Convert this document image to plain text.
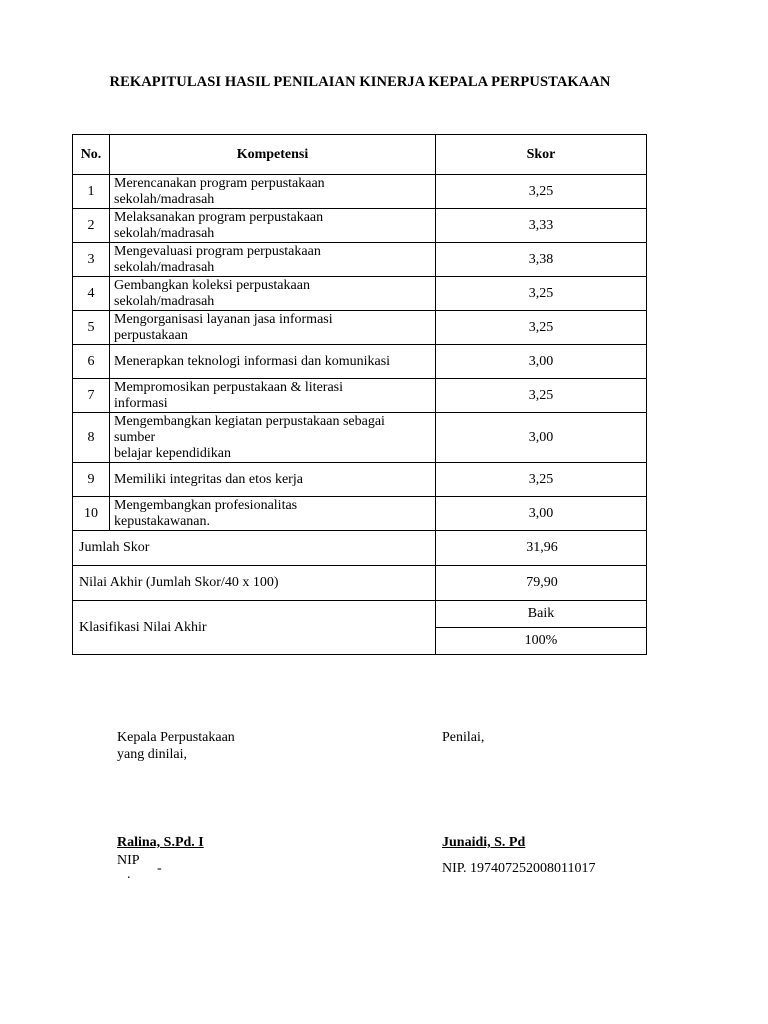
REKAPITULASI HASIL PENILAIAN KINERJA KEPALA PERPUSTAKAAN
No.	Kompetensi	Skor
1	Merencanakan program perpustakaan
sekolah/madrasah	3,25
2	Melaksanakan program perpustakaan
sekolah/madrasah	3,33
3	Mengevaluasi program perpustakaan
sekolah/madrasah	3,38
4	Gembangkan koleksi perpustakaan
sekolah/madrasah	3,25
5	Mengorganisasi layanan jasa informasi
perpustakaan	3,25
6	Menerapkan teknologi informasi dan komunikasi	3,00
7	Mempromosikan perpustakaan & literasi
informasi	3,25
8	Mengembangkan kegiatan perpustakaan sebagai
sumber
belajar kependidikan	3,00
9	Memiliki integritas dan etos kerja	3,25
10	Mengembangkan profesionalitas
kepustakawanan.	3,00
Jumlah Skor		31,96
Nilai Akhir (Jumlah Skor/40 x 100)		79,90
Klasifikasi Nilai Akhir		Baik
		100%
Kepala Perpustakaan
yang dinilai,
Penilai,
Ralina, S.Pd. I	Junaidi, S. Pd
NIP
. -	NIP. 197407252008011017
